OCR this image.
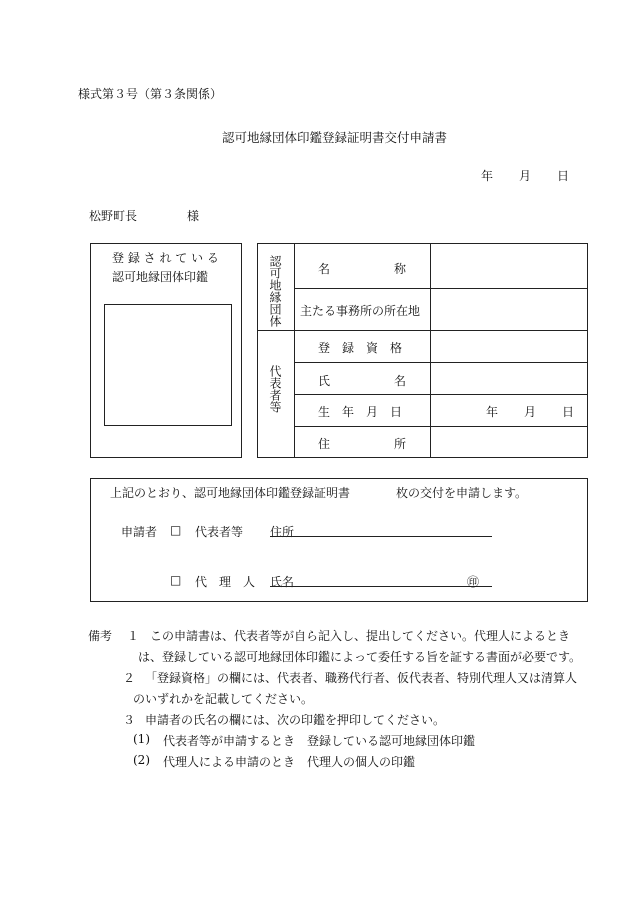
様式第３号（第３条関係）
認可地縁団体印鑑登録証明書交付申請書
年 月 日
松野町長	様
登 録 さ れ て い る
認可地縁団体印鑑	認可地縁団体
代表者等
名	称
主たる事務所の所在地
登　録　資　格
氏	名
生　年　月　日	年 月 日
住	所
上記のとおり、認可地縁団体印鑑登録証明書	枚の交付を申請します。
申請者 □ 代表者等 住所
□ 代　理　人 氏名	㊞
備考 １ この申請書は、代表者等が自ら記入し、提出してください。代理人によるとき
は、登録している認可地縁団体印鑑によって委任する旨を証する書面が必要です。
２ 「登録資格」の欄には、代表者、職務代行者、仮代表者、特別代理人又は清算人
のいずれかを記載してください。
３ 申請者の氏名の欄には、次の印鑑を押印してください。
(1) 代表者等が申請するとき　登録している認可地縁団体印鑑
(2) 代理人による申請のとき　代理人の個人の印鑑
